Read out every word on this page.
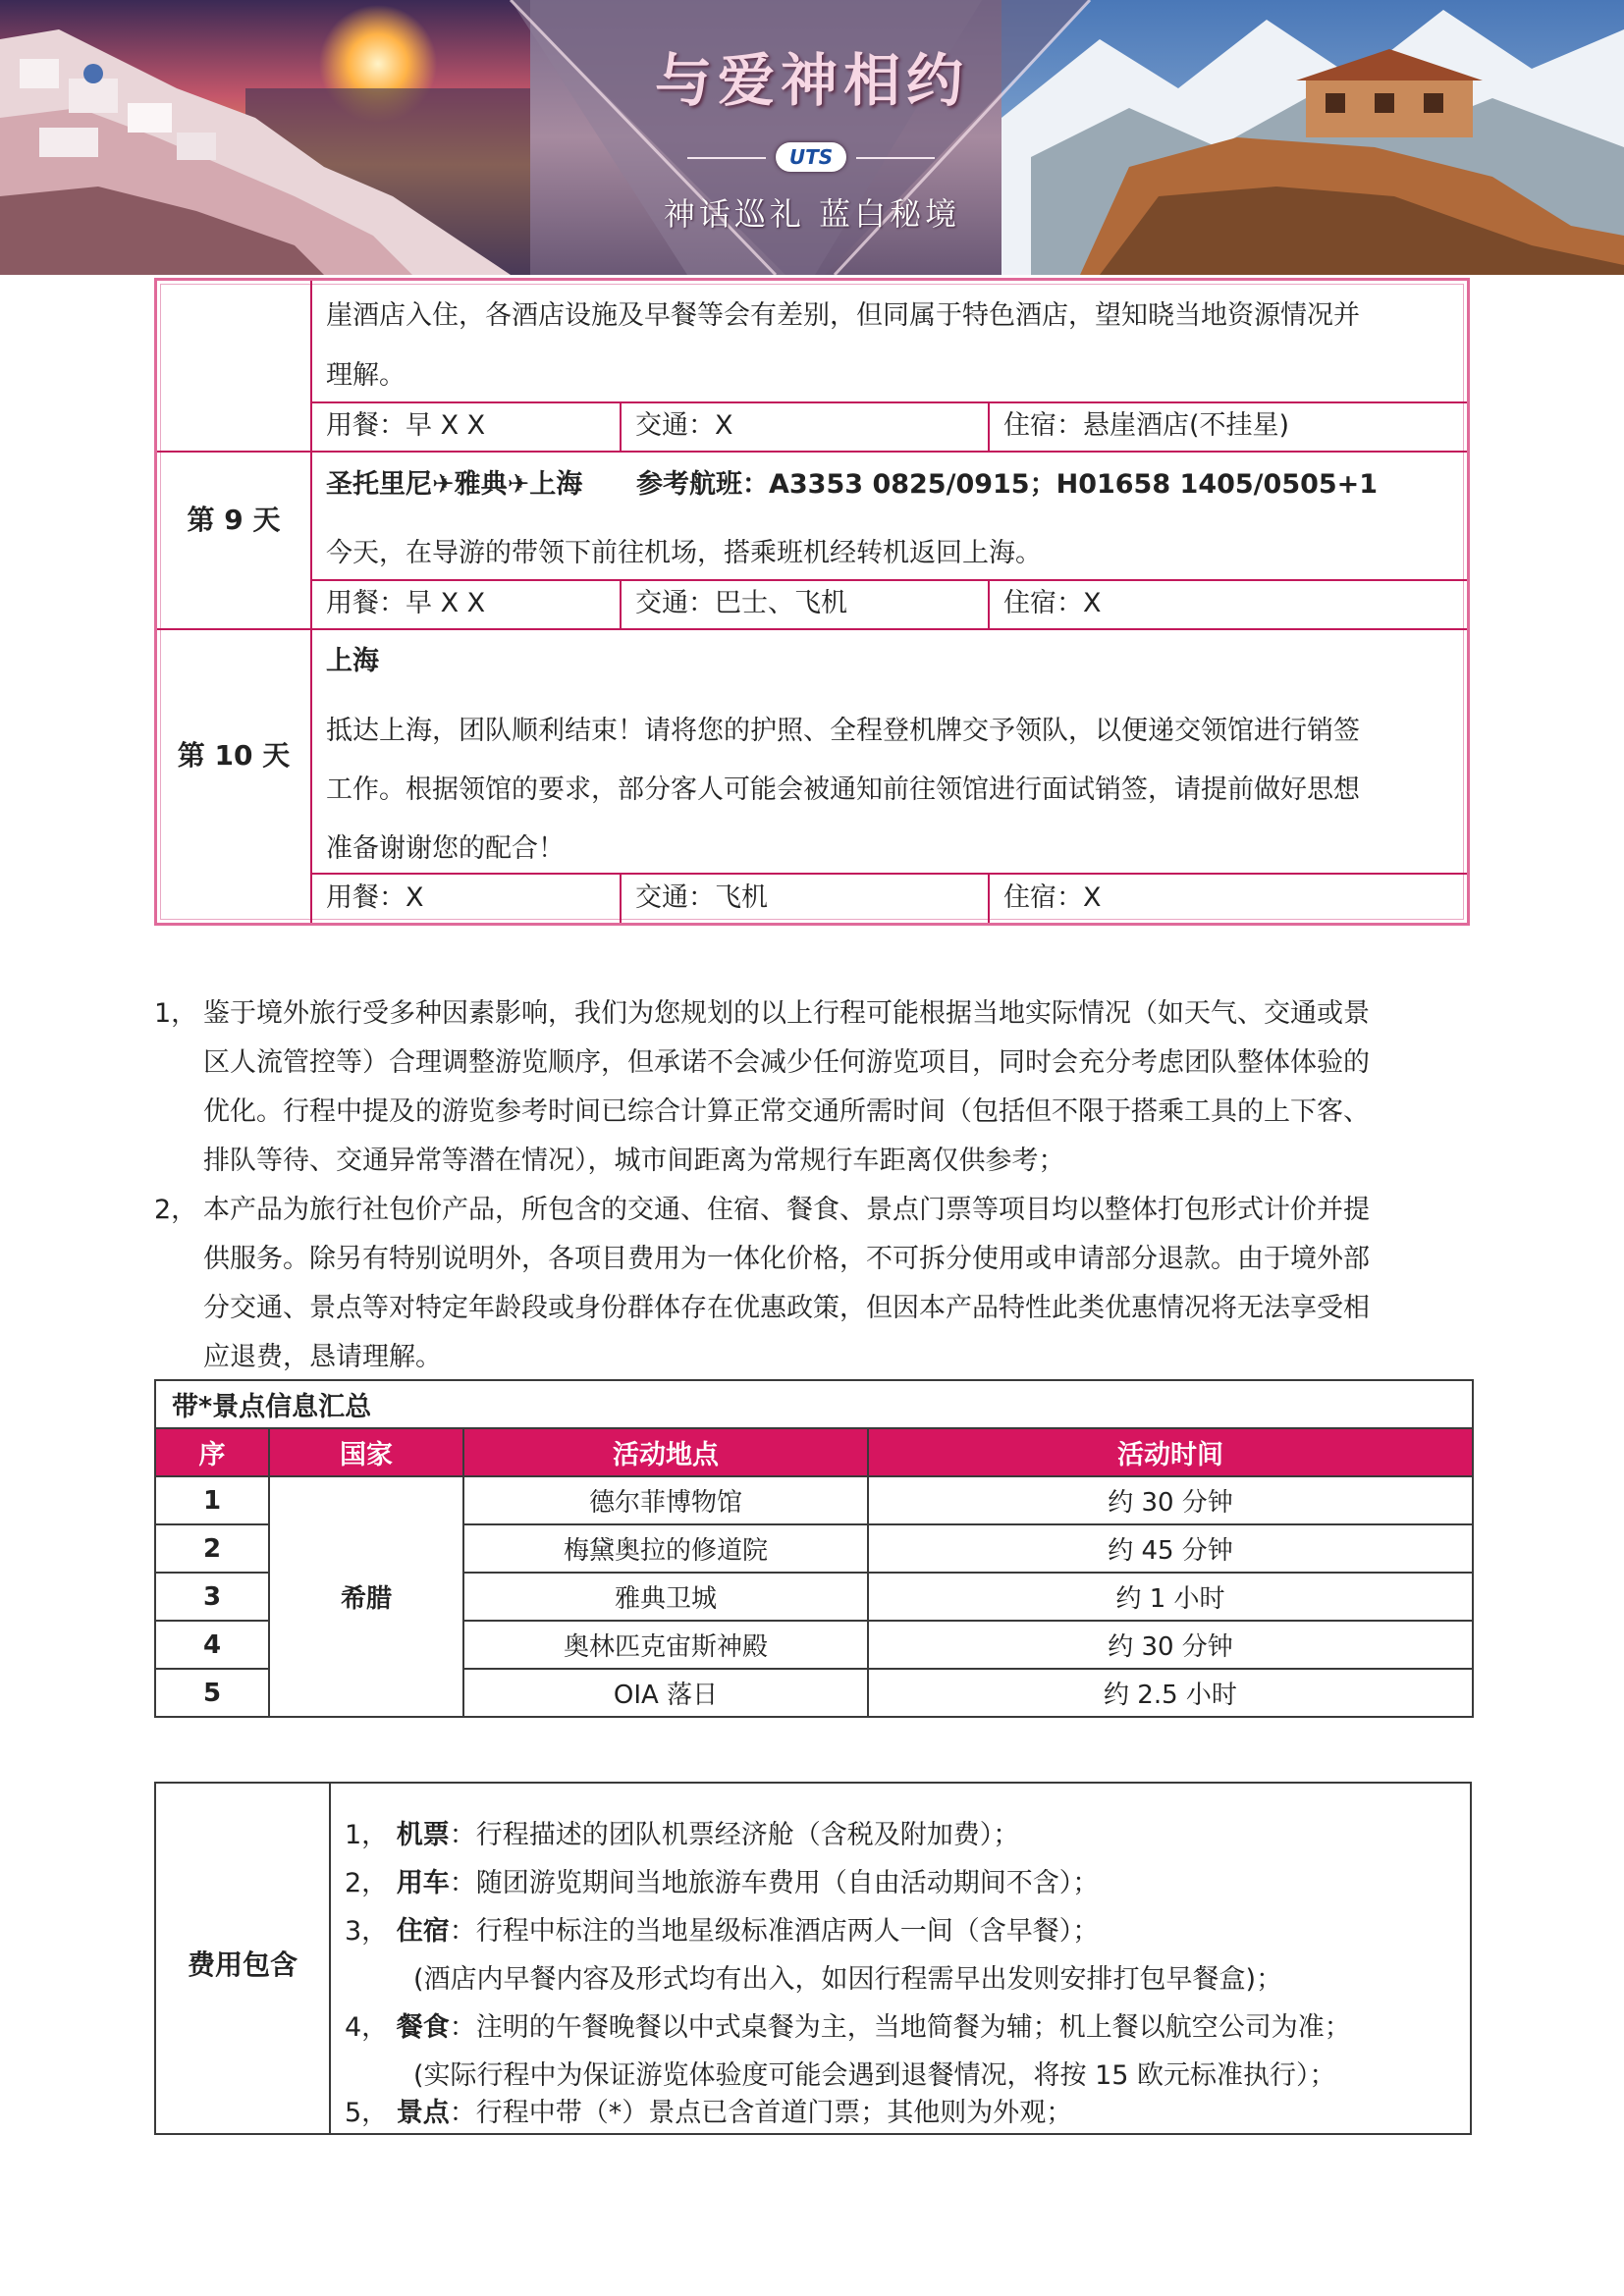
与爱神相约
UTS
神话巡礼 蓝白秘境
崖酒店入住，各酒店设施及早餐等会有差别，但同属于特色酒店，望知晓当地资源情况并
理解。
用餐：早 X X	交通：X	住宿：悬崖酒店(不挂星)
第 9 天
圣托里尼✈雅典✈上海 参考航班：A3353 0825/0915；H01658 1405/0505+1
今天，在导游的带领下前往机场，搭乘班机经转机返回上海。
用餐：早 X X	交通：巴士、飞机	住宿：X
第 10 天
上海
抵达上海，团队顺利结束！请将您的护照、全程登机牌交予领队，以便递交领馆进行销签
工作。根据领馆的要求，部分客人可能会被通知前往领馆进行面试销签，请提前做好思想
准备谢谢您的配合！
用餐：X	交通：飞机	住宿：X
1， 鉴于境外旅行受多种因素影响，我们为您规划的以上行程可能根据当地实际情况（如天气、交通或景
区人流管控等）合理调整游览顺序，但承诺不会减少任何游览项目，同时会充分考虑团队整体体验的
优化。行程中提及的游览参考时间已综合计算正常交通所需时间（包括但不限于搭乘工具的上下客、
排队等待、交通异常等潜在情况），城市间距离为常规行车距离仅供参考；
2， 本产品为旅行社包价产品，所包含的交通、住宿、餐食、景点门票等项目均以整体打包形式计价并提
供服务。除另有特别说明外，各项目费用为一体化价格，不可拆分使用或申请部分退款。由于境外部
分交通、景点等对特定年龄段或身份群体存在优惠政策，但因本产品特性此类优惠情况将无法享受相
应退费，恳请理解。
带*景点信息汇总			
序	国家	活动地点	活动时间
1	希腊	德尔菲博物馆	约 30 分钟
2		梅黛奥拉的修道院	约 45 分钟
3		雅典卫城	约 1 小时
4		奥林匹克宙斯神殿	约 30 分钟
5		OIA 落日	约 2.5 小时
费用包含
1， 机票：行程描述的团队机票经济舱（含税及附加费）；
2， 用车：随团游览期间当地旅游车费用（自由活动期间不含）；
3， 住宿：行程中标注的当地星级标准酒店两人一间（含早餐）；
(酒店内早餐内容及形式均有出入，如因行程需早出发则安排打包早餐盒)；
4， 餐食：注明的午餐晚餐以中式桌餐为主，当地简餐为辅；机上餐以航空公司为准；
(实际行程中为保证游览体验度可能会遇到退餐情况，将按 15 欧元标准执行）；
5， 景点：行程中带（*）景点已含首道门票；其他则为外观；
